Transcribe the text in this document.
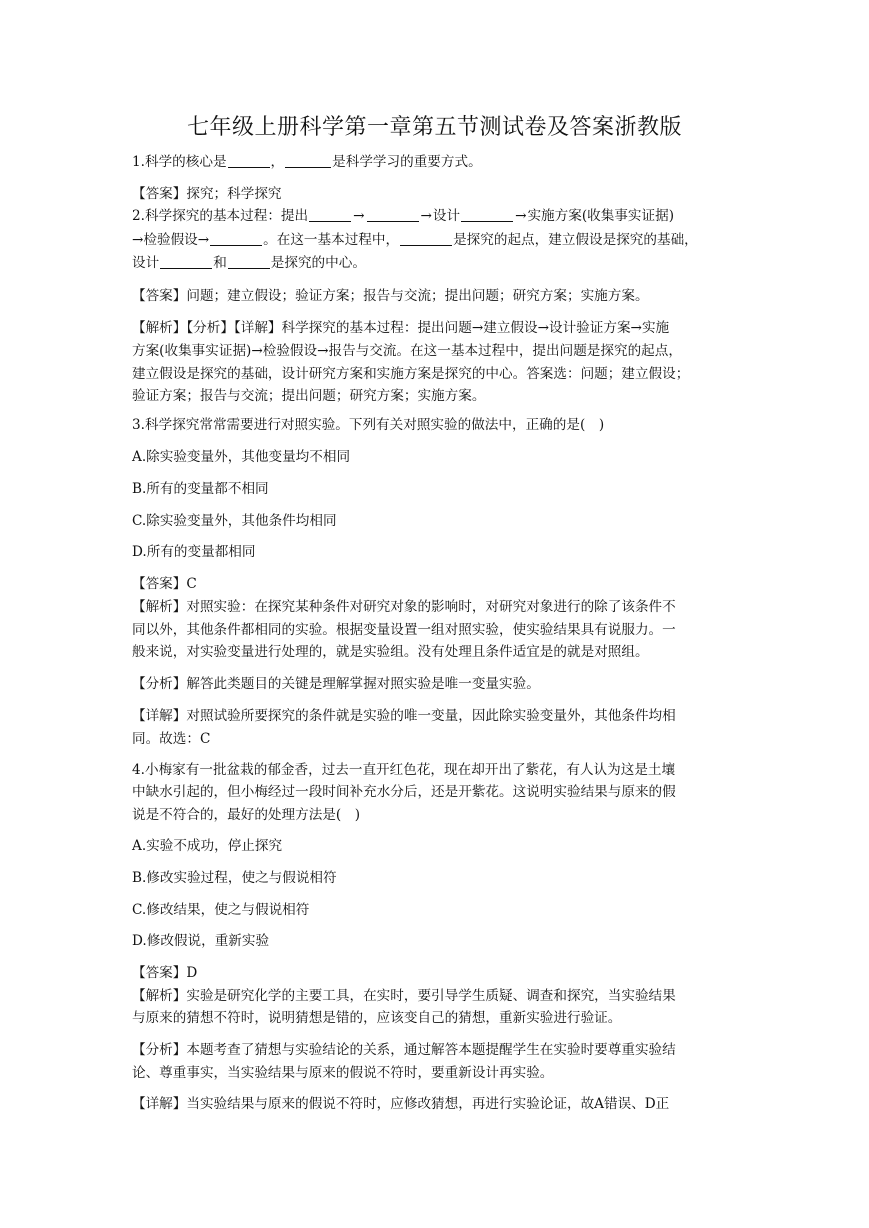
七年级上册科学第一章第五节测试卷及答案浙教版
1.科学的核心是	，	是科学学习的重要方式。
【答案】探究；科学探究
2.科学探究的基本过程：提出	→	→设计	→实施方案(收集事实证据)
→检验假设→	。在这一基本过程中，	是探究的起点，建立假设是探究的基础，
设计	和	是探究的中心。
【答案】问题；建立假设；验证方案；报告与交流；提出问题；研究方案；实施方案。
【解析】【分析】【详解】科学探究的基本过程：提出问题→建立假设→设计验证方案→实施
方案(收集事实证据)→检验假设→报告与交流。在这一基本过程中，提出问题是探究的起点，
建立假设是探究的基础，设计研究方案和实施方案是探究的中心。答案选：问题；建立假设；
验证方案；报告与交流；提出问题；研究方案；实施方案。
3.科学探究常常需要进行对照实验。下列有关对照实验的做法中，正确的是(　)
A.除实验变量外，其他变量均不相同
B.所有的变量都不相同
C.除实验变量外，其他条件均相同
D.所有的变量都相同
【答案】C
【解析】对照实验：在探究某种条件对研究对象的影响时，对研究对象进行的除了该条件不
同以外，其他条件都相同的实验。根据变量设置一组对照实验，使实验结果具有说服力。一
般来说，对实验变量进行处理的，就是实验组。没有处理且条件适宜是的就是对照组。
【分析】解答此类题目的关键是理解掌握对照实验是唯一变量实验。
【详解】对照试验所要探究的条件就是实验的唯一变量，因此除实验变量外，其他条件均相
同。故选：C
4.小梅家有一批盆栽的郁金香，过去一直开红色花，现在却开出了紫花，有人认为这是土壤
中缺水引起的，但小梅经过一段时间补充水分后，还是开紫花。这说明实验结果与原来的假
说是不符合的，最好的处理方法是(　)
A.实验不成功，停止探究
B.修改实验过程，使之与假说相符
C.修改结果，使之与假说相符
D.修改假说，重新实验
【答案】D
【解析】实验是研究化学的主要工具，在实时，要引导学生质疑、调查和探究，当实验结果
与原来的猜想不符时，说明猜想是错的，应该变自己的猜想，重新实验进行验证。
【分析】本题考查了猜想与实验结论的关系，通过解答本题提醒学生在实验时要尊重实验结
论、尊重事实，当实验结果与原来的假说不符时，要重新设计再实验。
【详解】当实验结果与原来的假说不符时，应修改猜想，再进行实验论证，故A错误、D正
